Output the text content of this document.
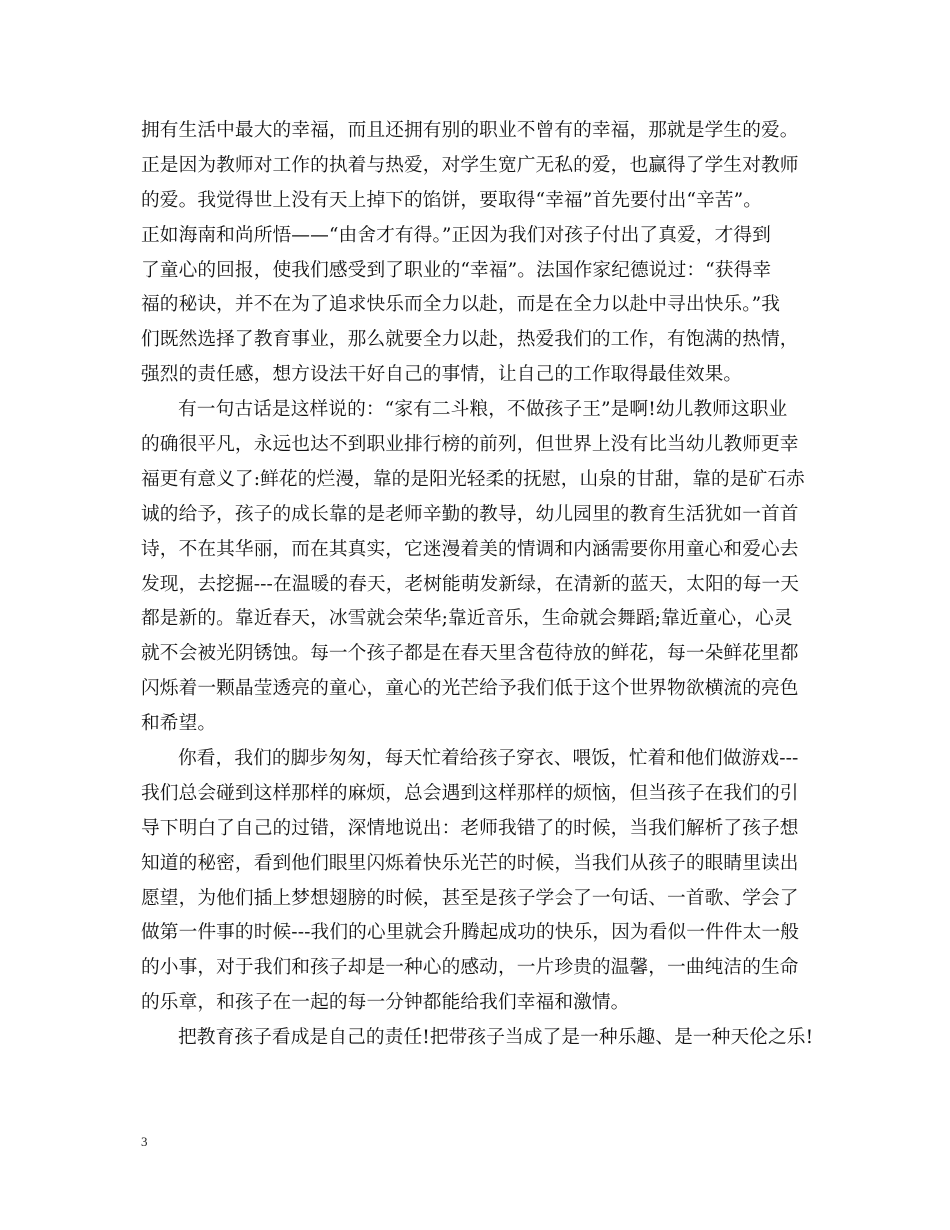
拥有生活中最大的幸福，而且还拥有别的职业不曾有的幸福，那就是学生的爱。
正是因为教师对工作的执着与热爱，对学生宽广无私的爱，也赢得了学生对教师
的爱。我觉得世上没有天上掉下的馅饼，要取得“幸福”首先要付出“辛苦”。
正如海南和尚所悟——“由舍才有得。”正因为我们对孩子付出了真爱，才得到
了童心的回报，使我们感受到了职业的“幸福”。法国作家纪德说过：“获得幸
福的秘诀，并不在为了追求快乐而全力以赴，而是在全力以赴中寻出快乐。”我
们既然选择了教育事业，那么就要全力以赴，热爱我们的工作，有饱满的热情，
强烈的责任感，想方设法干好自己的事情，让自己的工作取得最佳效果。
有一句古话是这样说的：“家有二斗粮，不做孩子王”是啊!幼儿教师这职业
的确很平凡，永远也达不到职业排行榜的前列，但世界上没有比当幼儿教师更幸
福更有意义了:鲜花的烂漫，靠的是阳光轻柔的抚慰，山泉的甘甜，靠的是矿石赤
诚的给予，孩子的成长靠的是老师辛勤的教导，幼儿园里的教育生活犹如一首首
诗，不在其华丽，而在其真实，它迷漫着美的情调和内涵需要你用童心和爱心去
发现，去挖掘---在温暖的春天，老树能萌发新绿，在清新的蓝天，太阳的每一天
都是新的。靠近春天，冰雪就会荣华;靠近音乐，生命就会舞蹈;靠近童心，心灵
就不会被光阴锈蚀。每一个孩子都是在春天里含苞待放的鲜花，每一朵鲜花里都
闪烁着一颗晶莹透亮的童心，童心的光芒给予我们低于这个世界物欲横流的亮色
和希望。
你看，我们的脚步匆匆，每天忙着给孩子穿衣、喂饭，忙着和他们做游戏---
我们总会碰到这样那样的麻烦，总会遇到这样那样的烦恼，但当孩子在我们的引
导下明白了自己的过错，深情地说出：老师我错了的时候，当我们解析了孩子想
知道的秘密，看到他们眼里闪烁着快乐光芒的时候，当我们从孩子的眼睛里读出
愿望，为他们插上梦想翅膀的时候，甚至是孩子学会了一句话、一首歌、学会了
做第一件事的时候---我们的心里就会升腾起成功的快乐，因为看似一件件太一般
的小事，对于我们和孩子却是一种心的感动，一片珍贵的温馨，一曲纯洁的生命
的乐章，和孩子在一起的每一分钟都能给我们幸福和激情。
把教育孩子看成是自己的责任!把带孩子当成了是一种乐趣、是一种天伦之乐!
3
